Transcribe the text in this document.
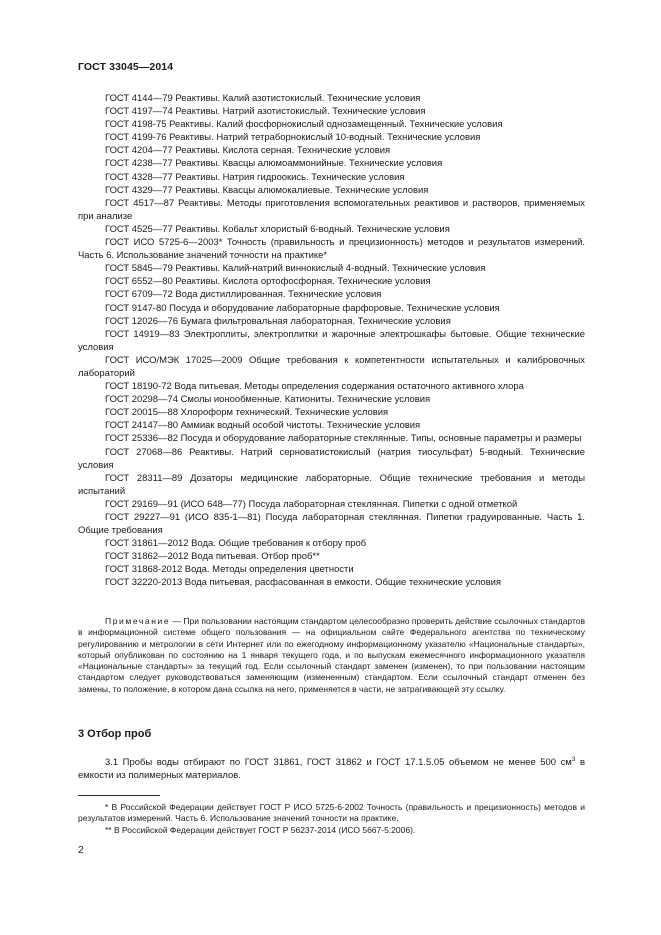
ГОСТ 33045—2014

ГОСТ 4144—79 Реактивы. Калий азотистокислый. Технические условия

ГОСТ 4197—74 Реактивы. Натрий азотистокислый. Технические условия

ГОСТ 4198-75 Реактивы. Калий фосфорнокислый однозамещенный. Технические условия

ГОСТ 4199-76 Реактивы. Натрий тетраборнокислый 10-водный. Технические условия

ГОСТ 4204—77 Реактивы. Кислота серная. Технические условия

ГОСТ 4238—77 Реактивы. Квасцы алюмоаммонийные. Технические условия

ГОСТ 4328—77 Реактивы. Натрия гидроокись. Технические условия

ГОСТ 4329—77 Реактивы. Квасцы алюмокалиевые. Технические условия

ГОСТ 4517—87 Реактивы. Методы приготовления вспомогательных реактивов и растворов, применяемых при анализе

ГОСТ 4525—77 Реактивы. Кобальт хлористый 6-водный. Технические условия

ГОСТ ИСО 5725-6—2003* Точность (правильность и прецизионность) методов и результатов измерений. Часть 6. Использование значений точности на практике*

ГОСТ 5845—79 Реактивы. Калий-натрий виннокислый 4-водный. Технические условия

ГОСТ 6552—80 Реактивы. Кислота ортофосфорная. Технические условия

ГОСТ 6709—72 Вода дистиллированная. Технические условия

ГОСТ 9147-80 Посуда и оборудование лабораторные фарфоровые. Технические условия

ГОСТ 12026—76 Бумага фильтровальная лабораторная. Технические условия

ГОСТ 14919—83 Электроплиты, электроплитки и жарочные электрошкафы бытовые. Общие технические условия

ГОСТ ИСО/МЭК 17025—2009 Общие требования к компетентности испытательных и калибровочных лабораторий

ГОСТ 18190-72 Вода питьевая. Методы определения содержания остаточного активного хлора

ГОСТ 20298—74 Смолы ионообменные. Катиониты. Технические условия

ГОСТ 20015—88 Хлороформ технический. Технические условия

ГОСТ 24147—80 Аммиак водный особой чистоты. Технические условия

ГОСТ 25336—82 Посуда и оборудование лабораторные стеклянные. Типы, основные параметры и размеры

ГОСТ 27068—86 Реактивы. Натрий серноватистокислый (натрия тиосульфат) 5-водный. Технические условия

ГОСТ 28311—89 Дозаторы медицинские лабораторные. Общие технические требования и методы испытаний

ГОСТ 29169—91 (ИСО 648—77) Посуда лабораторная стеклянная. Пипетки с одной отметкой

ГОСТ 29227—91 (ИСО 835-1—81) Посуда лабораторная стеклянная. Пипетки градуированные. Часть 1. Общие требования

ГОСТ 31861—2012 Вода. Общие требования к отбору проб

ГОСТ 31862—2012 Вода питьевая. Отбор проб**

ГОСТ 31868-2012 Вода. Методы определения цветности

ГОСТ 32220-2013 Вода питьевая, расфасованная в емкости. Общие технические условия

Примечание — При пользовании настоящим стандартом целесообразно проверить действие ссылочных стандартов в информационной системе общего пользования — на официальном сайте Федерального агентства по техническому регулированию и метрологии в сети Интернет или по ежегодному информационному указателю «Национальные стандарты», который опубликован по состоянию на 1 января текущего года, и по выпускам ежемесячного информационного указателя «Национальные стандарты» за текущий год. Если ссылочный стандарт заменен (изменен), то при пользовании настоящим стандартом следует руководствоваться заменяющим (измененным) стандартом. Если ссылочный стандарт отменен без замены, то положение, в котором дана ссылка на него, применяется в части, не затрагивающей эту ссылку.
3 Отбор проб
3.1 Пробы воды отбирают по ГОСТ 31861, ГОСТ 31862 и ГОСТ 17.1.5.05 объемом не менее 500 $см^3$ в емкости из полимерных материалов.

* В Российской Федерации действует ГОСТ Р ИСО 5725-6-2002 Точность (правильность и прецизионность) методов и результатов измерений. Часть 6. Использование значений точности на практике.

** В Российской Федерации действует ГОСТ Р 56237-2014 (ИСО 5667-5:2006).

2
